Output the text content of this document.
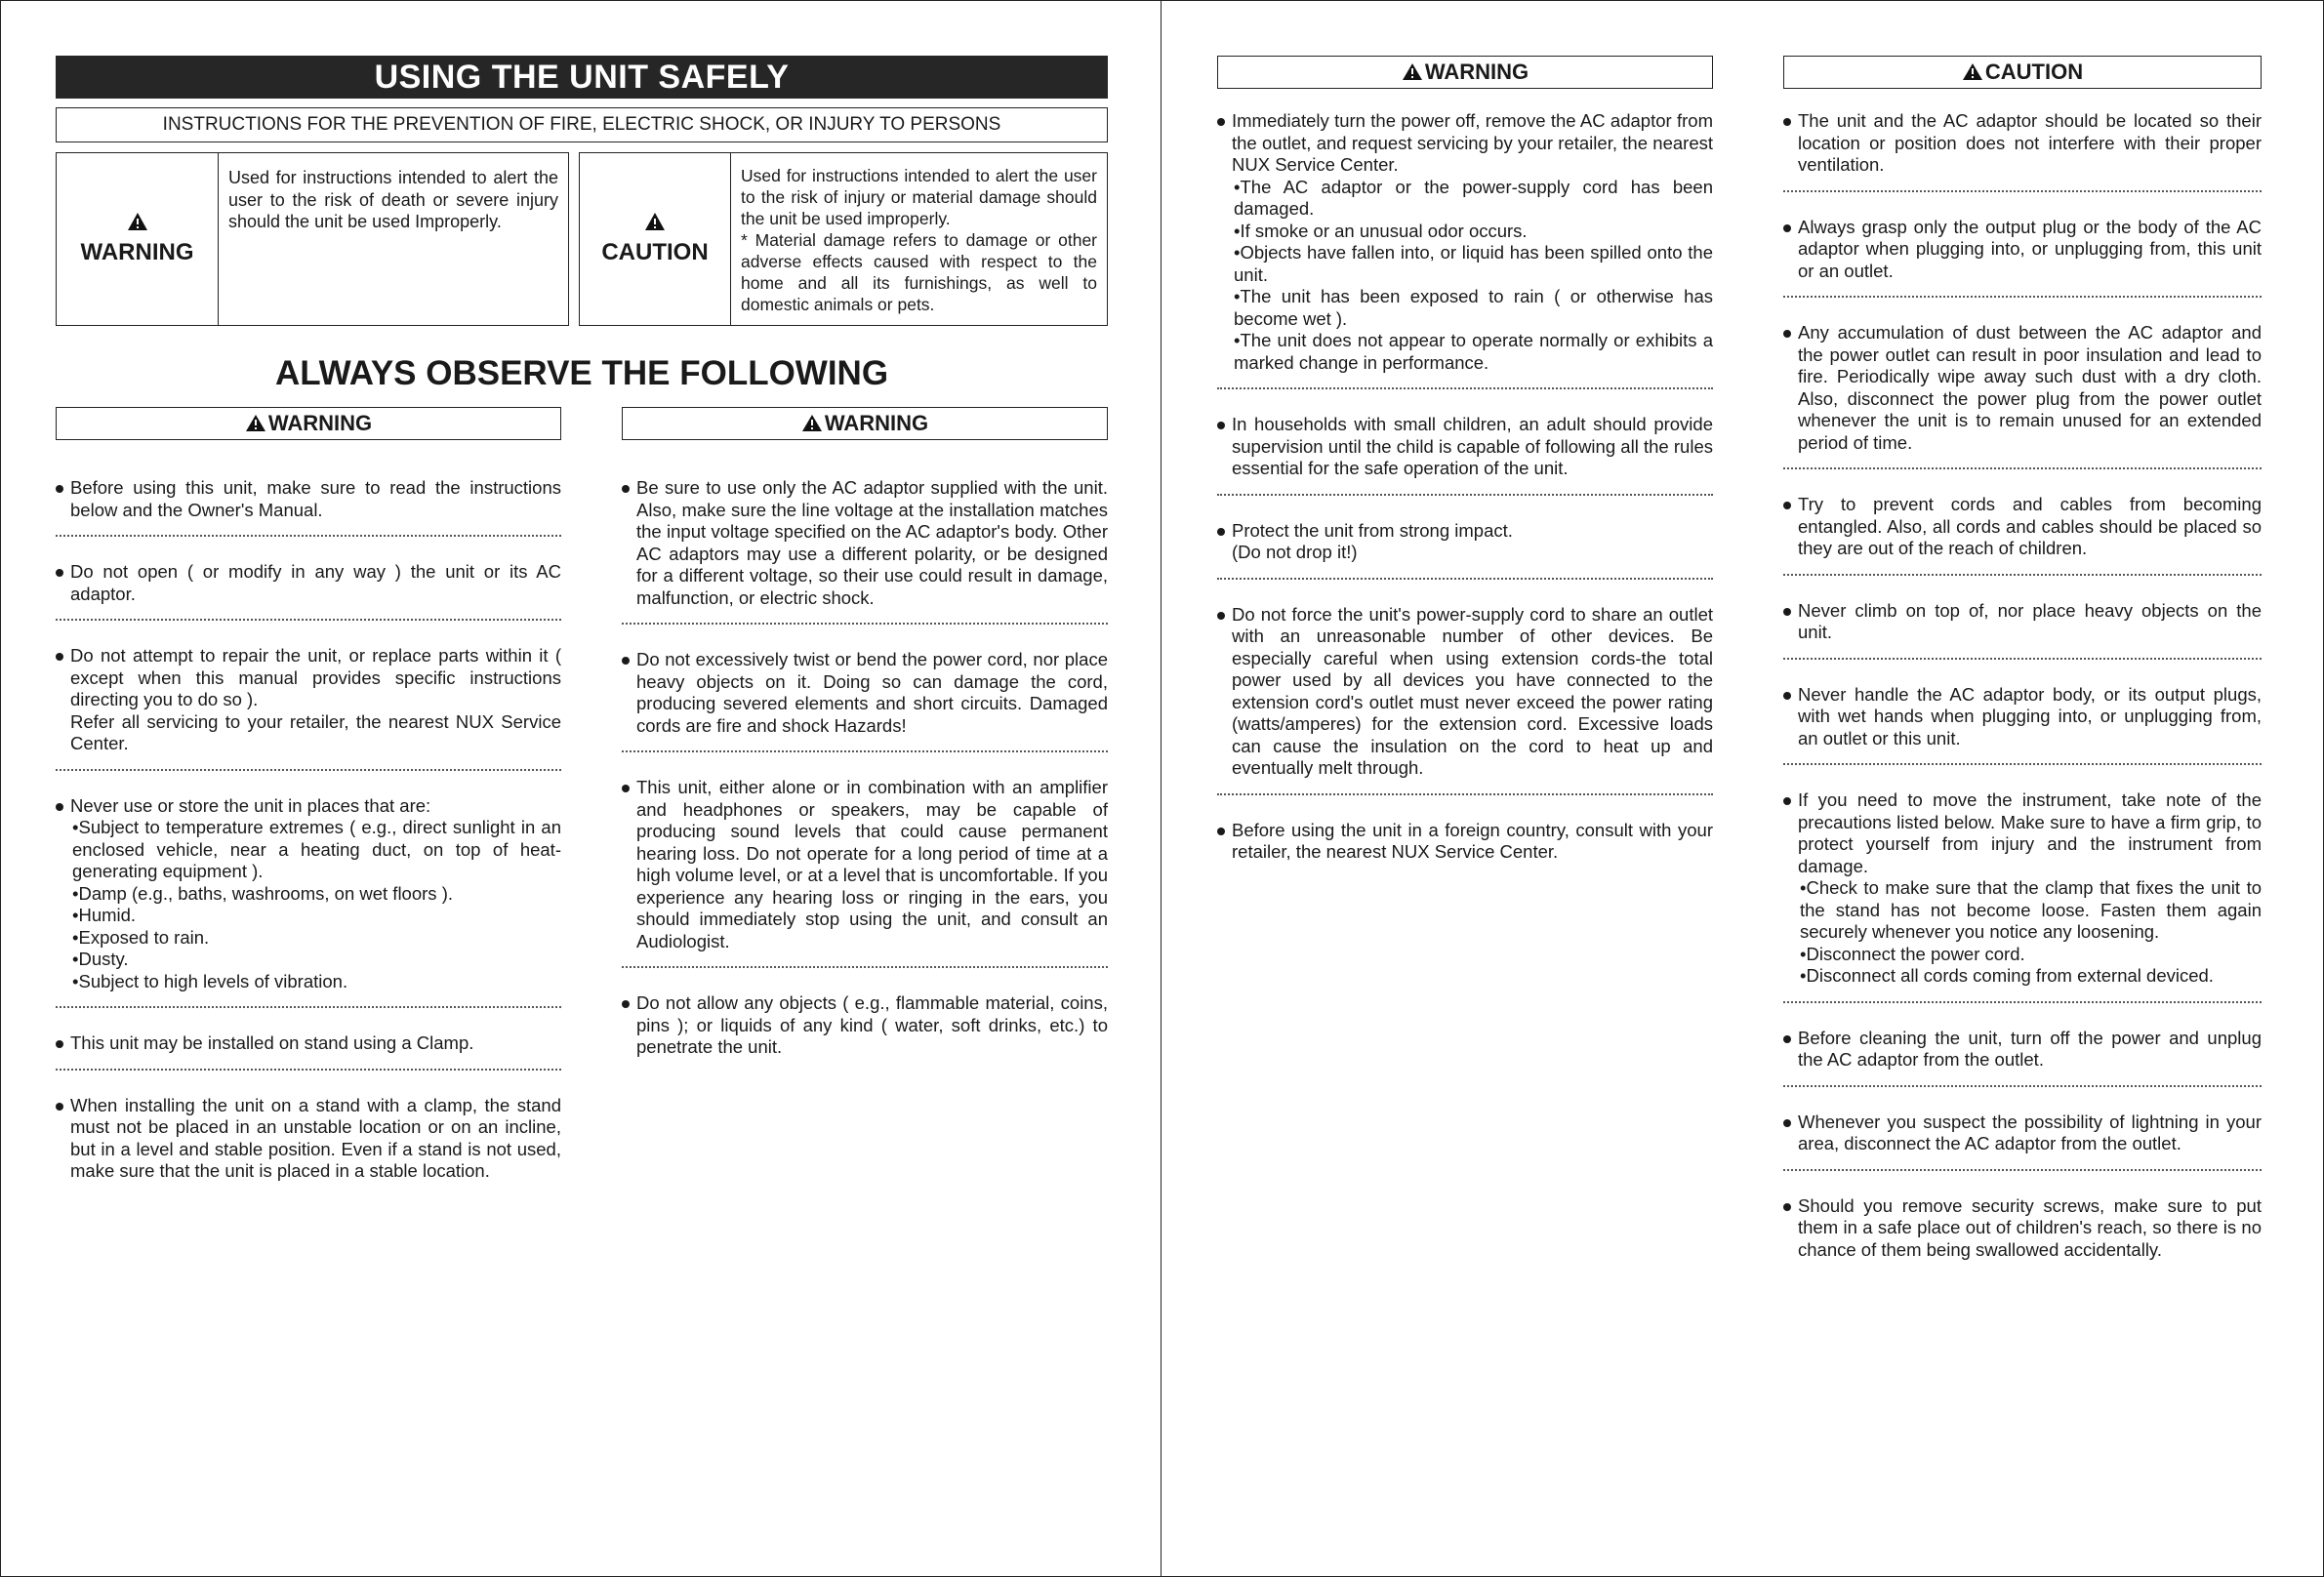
USING THE UNIT SAFELY
INSTRUCTIONS FOR THE PREVENTION OF FIRE, ELECTRIC SHOCK, OR INJURY TO PERSONS
WARNING
Used for instructions intended to alert the user to the risk of death or severe injury should the unit be used Improperly.
CAUTION
Used for instructions intended to alert the user to the risk of injury or material damage should the unit be used improperly.
* Material damage refers to damage or other adverse effects caused with respect to the home and all its furnishings, as well to domestic animals or pets.
ALWAYS OBSERVE THE FOLLOWING
WARNING

Before using this unit, make sure to read the instructions below and the Owner's Manual.

Do not open ( or modify in any way ) the unit or its AC adaptor.

Do not attempt to repair the unit, or replace parts within it ( except when this manual provides specific instructions directing you to do so ).

Refer all servicing to your retailer, the nearest NUX Service Center.

Never use or store the unit in places that are:

•Subject to temperature extremes ( e.g., direct sunlight in an enclosed vehicle, near a heating duct, on top of heat-generating equipment ).

•Damp (e.g., baths, washrooms, on wet floors ).

•Humid.

•Exposed to rain.

•Dusty.

•Subject to high levels of vibration.

This unit may be installed on stand using a Clamp.

When installing the unit on a stand with a clamp, the stand must not be placed in an unstable location or on an incline, but in a level and stable position. Even if a stand is not used, make sure that the unit is placed in a stable location.

WARNING

Be sure to use only the AC adaptor supplied with the unit. Also, make sure the line voltage at the installation matches the input voltage specified on the AC adaptor's body. Other AC adaptors may use a different polarity, or be designed for a different voltage, so their use could result in damage, malfunction, or electric shock.

Do not excessively twist or bend the power cord, nor place heavy objects on it. Doing so can damage the cord, producing severed elements and short circuits. Damaged cords are fire and shock Hazards!

This unit, either alone or in combination with an amplifier and headphones or speakers, may be capable of producing sound levels that could cause permanent hearing loss. Do not operate for a long period of time at a high volume level, or at a level that is uncomfortable. If you experience any hearing loss or ringing in the ears, you should immediately stop using the unit, and consult an Audiologist.

Do not allow any objects ( e.g., flammable material, coins, pins ); or liquids of any kind ( water, soft drinks, etc.) to penetrate the unit.

WARNING

Immediately turn the power off, remove the AC adaptor from the outlet, and request servicing by your retailer, the nearest NUX Service Center.

•The AC adaptor or the power-supply cord has been damaged.

•If smoke or an unusual odor occurs.

•Objects have fallen into, or liquid has been spilled onto the unit.

•The unit has been exposed to rain ( or otherwise has become wet ).

•The unit does not appear to operate normally or exhibits a marked change in performance.

In households with small children, an adult should provide supervision until the child is capable of following all the rules essential for the safe operation of the unit.

Protect the unit from strong impact.

(Do not drop it!)

Do not force the unit's power-supply cord to share an outlet with an unreasonable number of other devices. Be especially careful when using extension cords-the total power used by all devices you have connected to the extension cord's outlet must never exceed the power rating (watts/amperes) for the extension cord. Excessive loads can cause the insulation on the cord to heat up and eventually melt through.

Before using the unit in a foreign country, consult with your retailer, the nearest NUX Service Center.

CAUTION

The unit and the AC adaptor should be located so their location or position does not interfere with their proper ventilation.

Always grasp only the output plug or the body of the AC adaptor when plugging into, or unplugging from, this unit or an outlet.

Any accumulation of dust between the AC adaptor and the power outlet can result in poor insulation and lead to fire. Periodically wipe away such dust with a dry cloth. Also, disconnect the power plug from the power outlet whenever the unit is to remain unused for an extended period of time.

Try to prevent cords and cables from becoming entangled. Also, all cords and cables should be placed so they are out of the reach of children.

Never climb on top of, nor place heavy objects on the unit.

Never handle the AC adaptor body, or its output plugs, with wet hands when plugging into, or unplugging from, an outlet or this unit.

If you need to move the instrument, take note of the precautions listed below. Make sure to have a firm grip, to protect yourself from injury and the instrument from damage.

•Check to make sure that the clamp that fixes the unit to the stand has not become loose. Fasten them again securely whenever you notice any loosening.

•Disconnect the power cord.

•Disconnect all cords coming from external deviced.

Before cleaning the unit, turn off the power and unplug the AC adaptor from the outlet.

Whenever you suspect the possibility of lightning in your area, disconnect the AC adaptor from the outlet.

Should you remove security screws, make sure to put them in a safe place out of children's reach, so there is no chance of them being swallowed accidentally.
